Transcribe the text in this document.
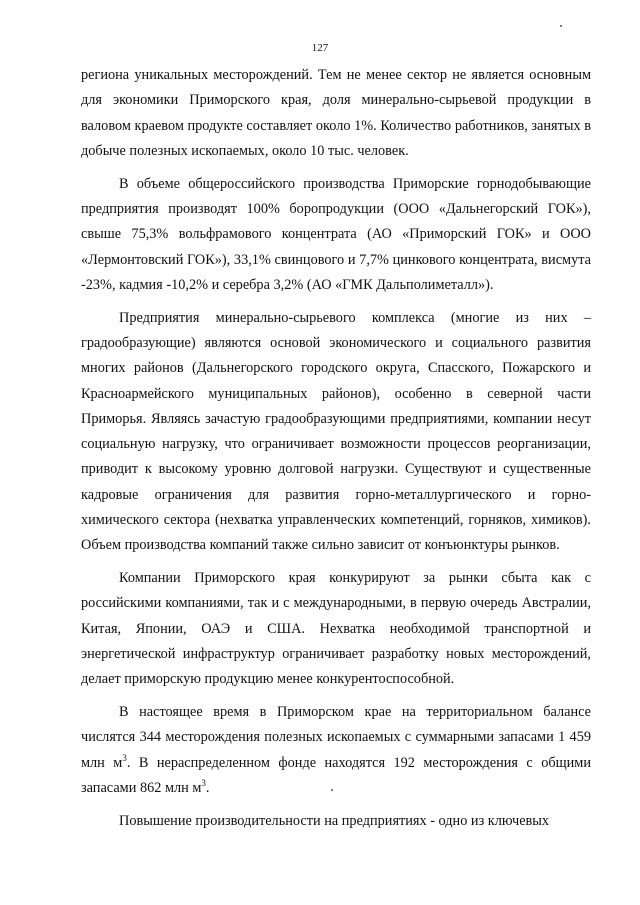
127

региона уникальных месторождений. Тем не менее сектор не является основным для экономики Приморского края, доля минерально-сырьевой продукции в валовом краевом продукте составляет около 1%. Количество работников, занятых в добыче полезных ископаемых, около 10 тыс. человек.

В объеме общероссийского производства Приморские горнодобывающие предприятия производят 100% боропродукции (ООО «Дальнегорский ГОК»), свыше 75,3% вольфрамового концентрата (АО «Приморский ГОК» и ООО «Лермонтовский ГОК»), 33,1% свинцового и 7,7% цинкового концентрата, висмута -23%, кадмия -10,2% и серебра 3,2% (АО «ГМК Дальполиметалл»).

Предприятия минерально-сырьевого комплекса (многие из них – градообразующие) являются основой экономического и социального развития многих районов (Дальнегорского городского округа, Спасского, Пожарского и Красноармейского муниципальных районов), особенно в северной части Приморья. Являясь зачастую градообразующими предприятиями, компании несут социальную нагрузку, что ограничивает возможности процессов реорганизации, приводит к высокому уровню долговой нагрузки. Существуют и существенные кадровые ограничения для развития горно-металлургического и горно-химического сектора (нехватка управленческих компетенций, горняков, химиков). Объем производства компаний также сильно зависит от конъюнктуры рынков.

Компании Приморского края конкурируют за рынки сбыта как с российскими компаниями, так и с международными, в первую очередь Австралии, Китая, Японии, ОАЭ и США. Нехватка необходимой транспортной и энергетической инфраструктур ограничивает разработку новых месторождений, делает приморскую продукцию менее конкурентоспособной.

В настоящее время в Приморском крае на территориальном балансе числятся 344 месторождения полезных ископаемых с суммарными запасами 1 459 млн $м^3$. В нераспределенном фонде находятся 192 месторождения с общими запасами 862 млн $м^3$.

Повышение производительности на предприятиях - одно из ключевых
